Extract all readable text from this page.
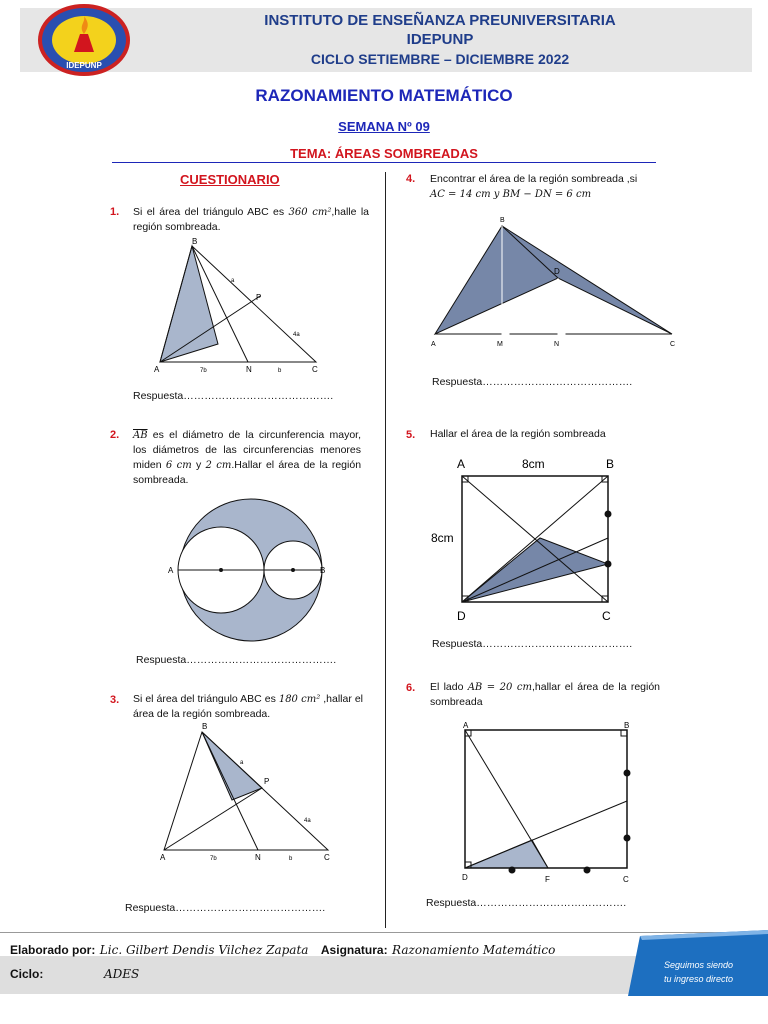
IDEPUNP
INSTITUTO DE ENSEÑANZA PREUNIVERSITARIA
IDEPUNP
CICLO SETIEMBRE – DICIEMBRE 2022
RAZONAMIENTO MATEMÁTICO
SEMANA Nº 09
TEMA: ÁREAS SOMBREADAS
CUESTIONARIO
1. Si el área del triángulo ABC es 360 cm²,halle la región sombreada.
B
A	N	C
P
a
4a
7b	b
Respuesta…………………………………….
2. $\overline{AB}$ es el diámetro de la circunferencia mayor, los diámetros de las circunferencias menores miden 6 cm y 2 cm.Hallar el área de la región sombreada.
A	B
Respuesta…………………………………….
3. Si el área del triángulo ABC es 180 cm² ,hallar el área de la región sombreada.
B
A	N	C
P
a
4a
7b	b
Respuesta…………………………………….
4. Encontrar el área de la región sombreada ,si
AC = 14 cm y BM − DN = 6 cm
B
D
A	M	N	C
Respuesta…………………………………….
5. Hallar el área de la región sombreada
A	B
D	C
8cm
8cm
Respuesta…………………………………….
6. El lado AB = 20 cm,hallar el área de la región sombreada
A	B
D	F	C
Respuesta…………………………………….
Elaborado por: Lic. Gilbert Dendis Vilchez Zapata Asignatura: Razonamiento Matemático
Ciclo:	ADES
Seguimos siendo
tu ingreso directo
